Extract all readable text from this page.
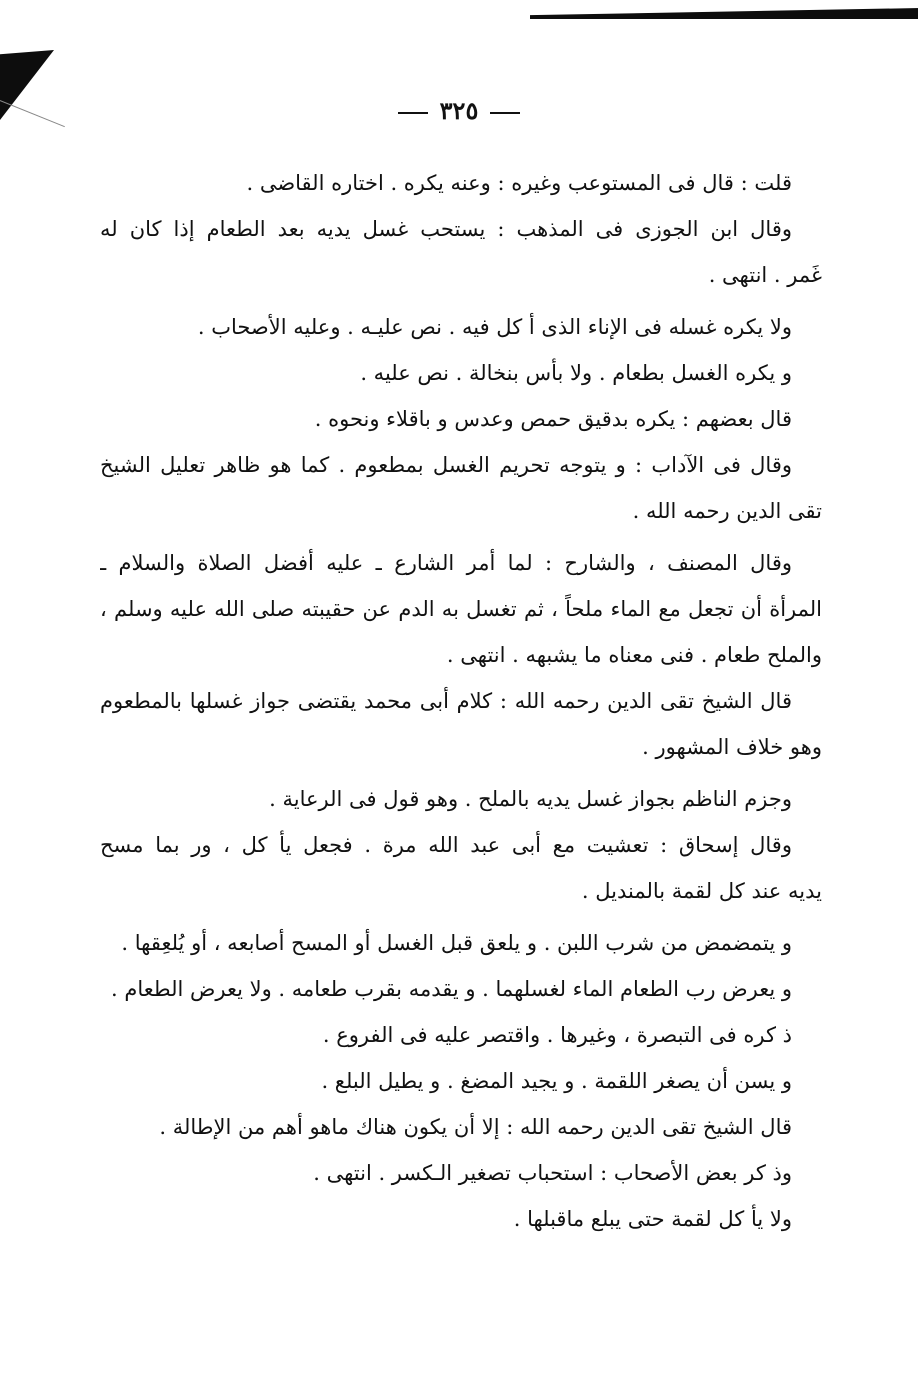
٣٢٥
قلت : قال فى المستوعب وغيره : وعنه يكره . اختاره القاضى .
وقال ابن الجوزى فى المذهب : يستحب غسل يديه بعد الطعام إذا كان له
غَمر . انتهى .
ولا يكره غسله فى الإناء الذى أ كل فيه . نص عليـه . وعليه الأصحاب .
و يكره الغسل بطعام . ولا بأس بنخالة . نص عليه .
قال بعضهم : يكره بدقيق حمص وعدس و باقلاء ونحوه .
وقال فى الآداب : و يتوجه تحريم الغسل بمطعوم . كما هو ظاهر تعليل الشيخ
تقى الدين رحمه الله .
وقال المصنف ، والشارح : لما أمر الشارع ـ عليه أفضل الصلاة والسلام ـ
المرأة أن تجعل مع الماء ملحاً ، ثم تغسل به الدم عن حقيبته صلى الله عليه وسلم ،
والملح طعام . فنى معناه ما يشبهه . انتهى .
قال الشيخ تقى الدين رحمه الله : كلام أبى محمد يقتضى جواز غسلها بالمطعوم
وهو خلاف المشهور .
وجزم الناظم بجواز غسل يديه بالملح . وهو قول فى الرعاية .
وقال إسحاق : تعشيت مع أبى عبد الله مرة . فجعل يأ كل ، ور بما مسح
يديه عند كل لقمة بالمنديل .
و يتمضمض من شرب اللبن . و يلعق قبل الغسل أو المسح أصابعه ، أو يُلعِقها .
و يعرض رب الطعام الماء لغسلهما . و يقدمه بقرب طعامه . ولا يعرض الطعام .
ذ كره فى التبصرة ، وغيرها . واقتصر عليه فى الفروع .
و يسن أن يصغر اللقمة . و يجيد المضغ . و يطيل البلع .
قال الشيخ تقى الدين رحمه الله : إلا أن يكون هناك ماهو أهم من الإطالة .
وذ كر بعض الأصحاب : استحباب تصغير الـكسر . انتهى .
ولا يأ كل لقمة حتى يبلع ماقبلها .
